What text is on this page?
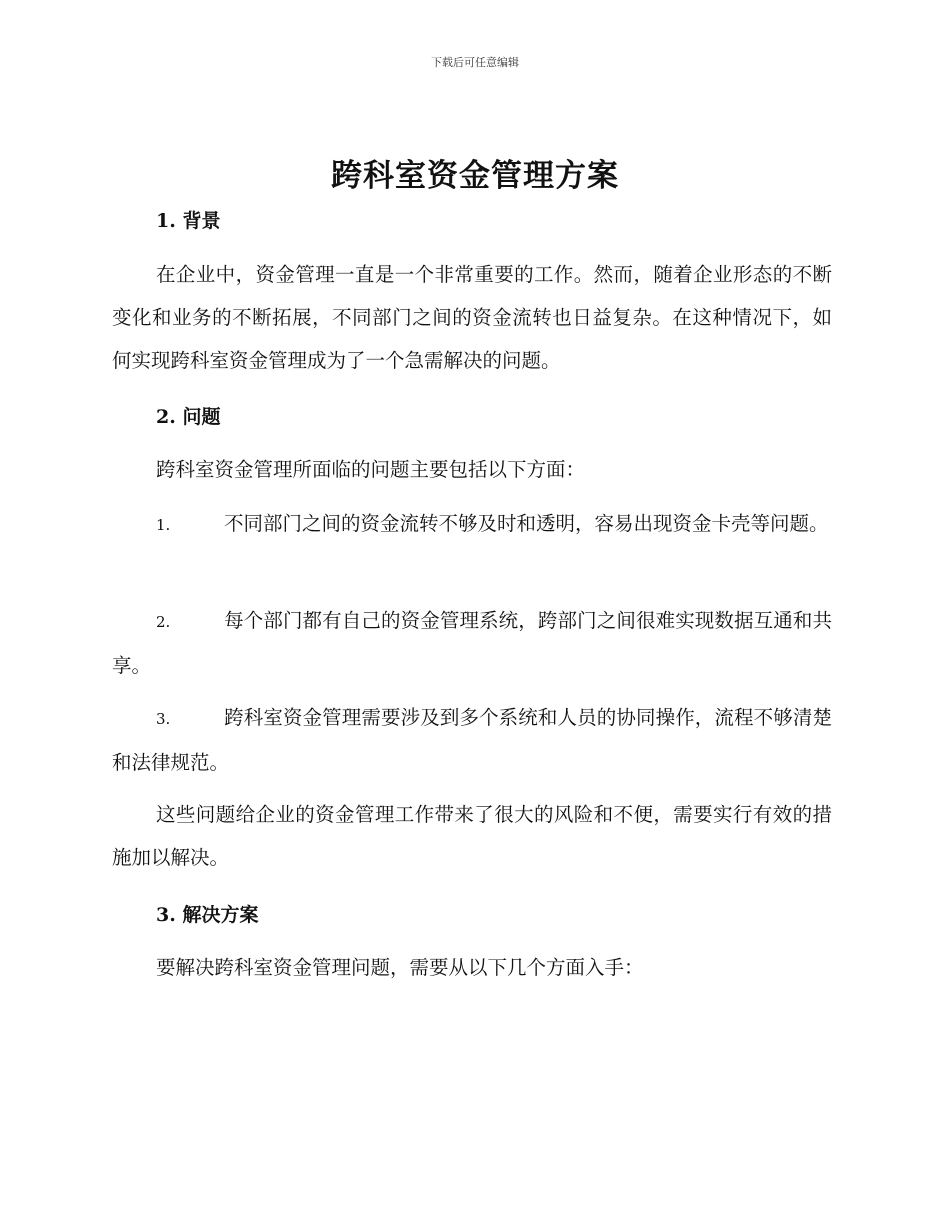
下载后可任意编辑
跨科室资金管理方案
1. 背景

在企业中，资金管理一直是一个非常重要的工作。然而，随着企业形态的不断变化和业务的不断拓展，不同部门之间的资金流转也日益复杂。在这种情况下，如何实现跨科室资金管理成为了一个急需解决的问题。

2. 问题

跨科室资金管理所面临的问题主要包括以下方面：

1.	不同部门之间的资金流转不够及时和透明，容易出现资金卡壳等问题。

2.	每个部门都有自己的资金管理系统，跨部门之间很难实现数据互通和共享。

3.	跨科室资金管理需要涉及到多个系统和人员的协同操作，流程不够清楚和法律规范。

这些问题给企业的资金管理工作带来了很大的风险和不便，需要实行有效的措施加以解决。

3. 解决方案

要解决跨科室资金管理问题，需要从以下几个方面入手：
